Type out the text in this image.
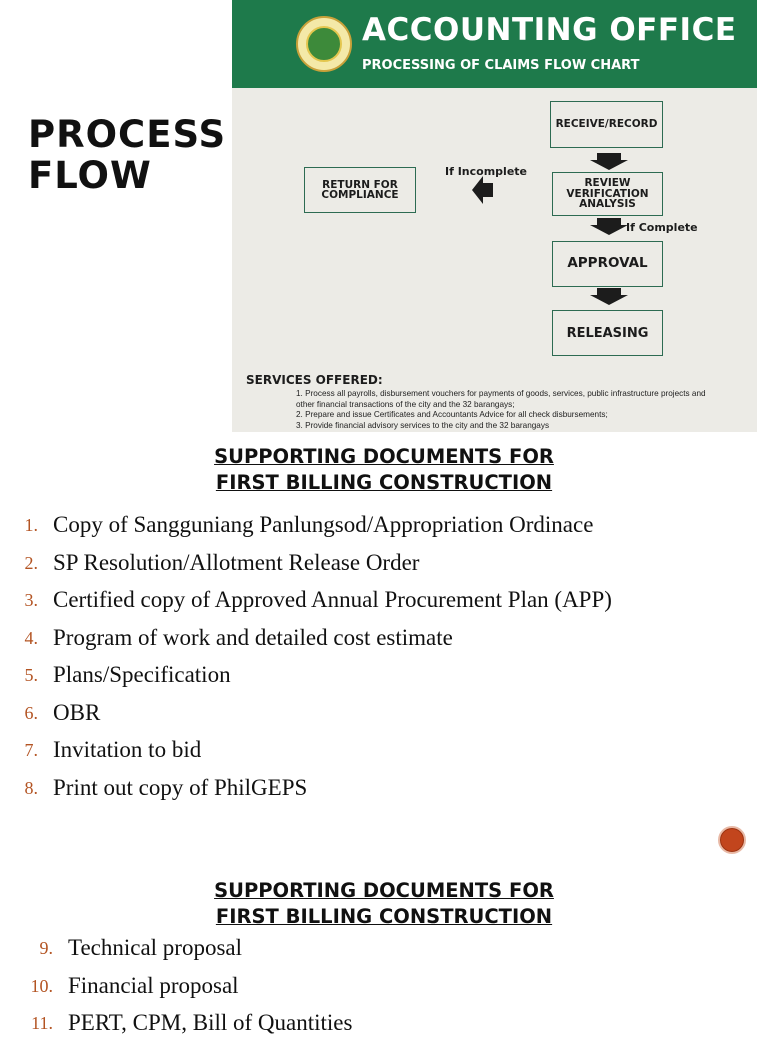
PROCESS
FLOW
ACCOUNTING OFFICE
PROCESSING OF CLAIMS FLOW CHART
RECEIVE/RECORD
REVIEW
VERIFICATION
ANALYSIS
APPROVAL
RELEASING
RETURN FOR
COMPLIANCE
If Incomplete
If Complete
SERVICES OFFERED:
1. Process all payrolls, disbursement vouchers for payments of goods, services, public infrastructure projects and other financial transactions of the city and the 32 barangays;
2. Prepare and issue Certificates and Accountants Advice for all check disbursements;
3. Provide financial advisory services to the city and the 32 barangays
SUPPORTING DOCUMENTS FOR
FIRST BILLING CONSTRUCTION
1. Copy of Sangguniang Panlungsod/Appropriation Ordinace
2. SP Resolution/Allotment Release Order
3. Certified copy of Approved Annual Procurement Plan (APP)
4. Program of work and detailed cost estimate
5. Plans/Specification
6. OBR
7. Invitation to bid
8. Print out copy of PhilGEPS
SUPPORTING DOCUMENTS FOR
FIRST BILLING CONSTRUCTION
9. Technical proposal
10. Financial proposal
11. PERT, CPM, Bill of Quantities
